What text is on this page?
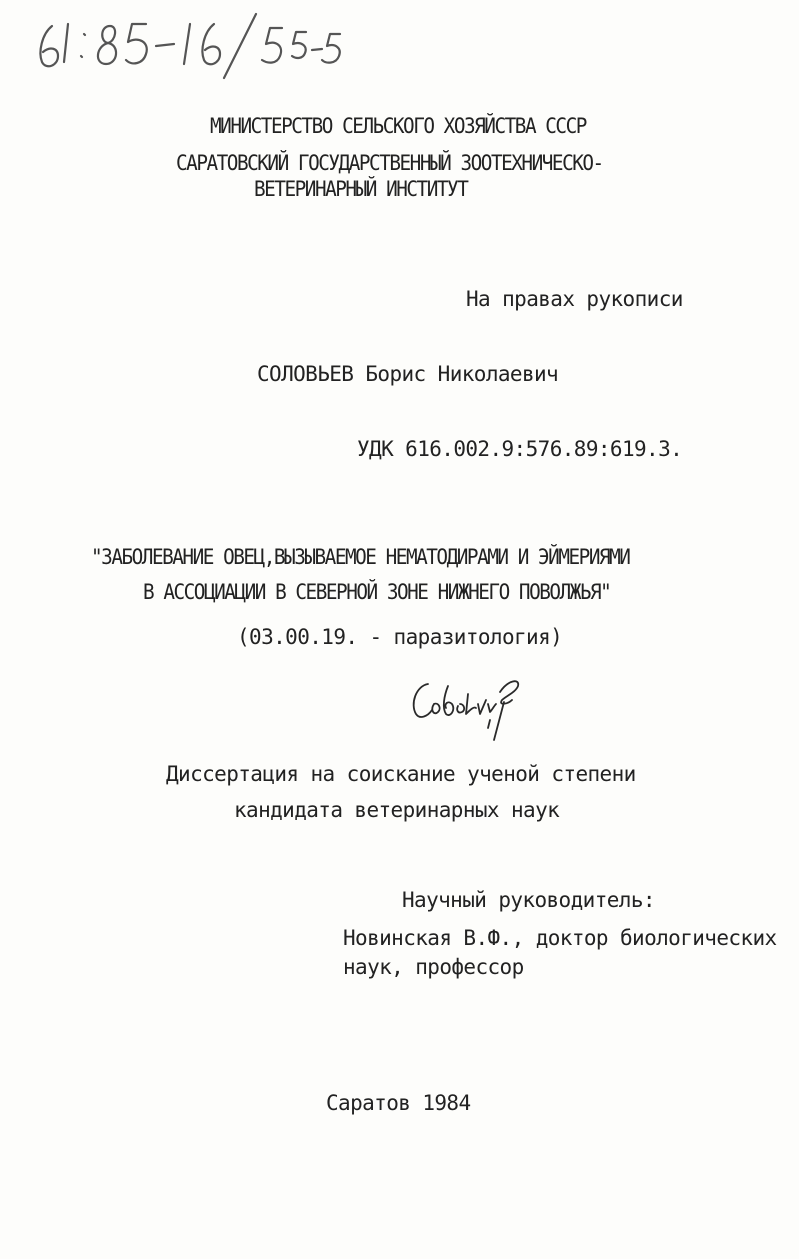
МИНИСТЕРСТВО СЕЛЬСКОГО ХОЗЯЙСТВА СССР
САРАТОВСКИЙ ГОСУДАРСТВЕННЫЙ ЗООТЕХНИЧЕСКО-
ВЕТЕРИНАРНЫЙ ИНСТИТУТ
На правах рукописи
СОЛОВЬЕВ Борис Николаевич
УДК 616.002.9:576.89:619.3.
"ЗАБОЛЕВАНИЕ ОВЕЦ,ВЫЗЫВАЕМОЕ НЕМАТОДИРАМИ И ЭЙМЕРИЯМИ
В АССОЦИАЦИИ В СЕВЕРНОЙ ЗОНЕ НИЖНЕГО ПОВОЛЖЬЯ"
(03.00.19. - паразитология)
Диссертация на соискание ученой степени
кандидата ветеринарных наук
Научный руководитель:
Новинская В.Ф., доктор биологических
наук, профессор
Саратов 1984
